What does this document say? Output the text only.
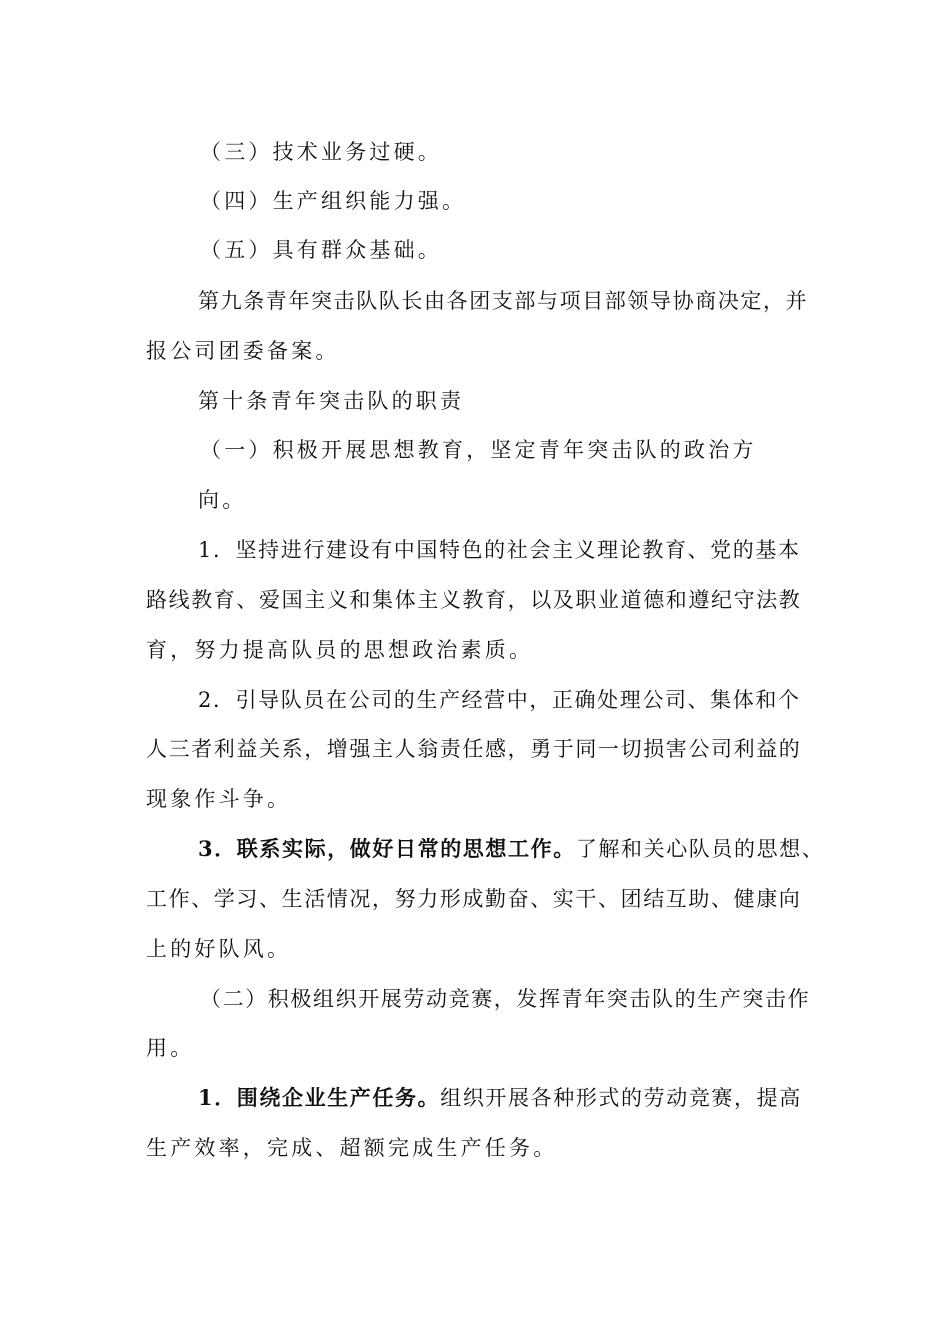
（三）技术业务过硬。
（四）生产组织能力强。
（五）具有群众基础。
第九条青年突击队队长由各团支部与项目部领导协商决定，并
报公司团委备案。
第十条青年突击队的职责
（一）积极开展思想教育，坚定青年突击队的政治方
向。
1．坚持进行建设有中国特色的社会主义理论教育、党的基本
路线教育、爱国主义和集体主义教育，以及职业道德和遵纪守法教
育，努力提高队员的思想政治素质。
2．引导队员在公司的生产经营中，正确处理公司、集体和个
人三者利益关系，增强主人翁责任感，勇于同一切损害公司利益的
现象作斗争。
3．联系实际，做好日常的思想工作。了解和关心队员的思想、
工作、学习、生活情况，努力形成勤奋、实干、团结互助、健康向
上的好队风。
（二）积极组织开展劳动竞赛，发挥青年突击队的生产突击作
用。
1．围绕企业生产任务。组织开展各种形式的劳动竞赛，提高
生产效率，完成、超额完成生产任务。
